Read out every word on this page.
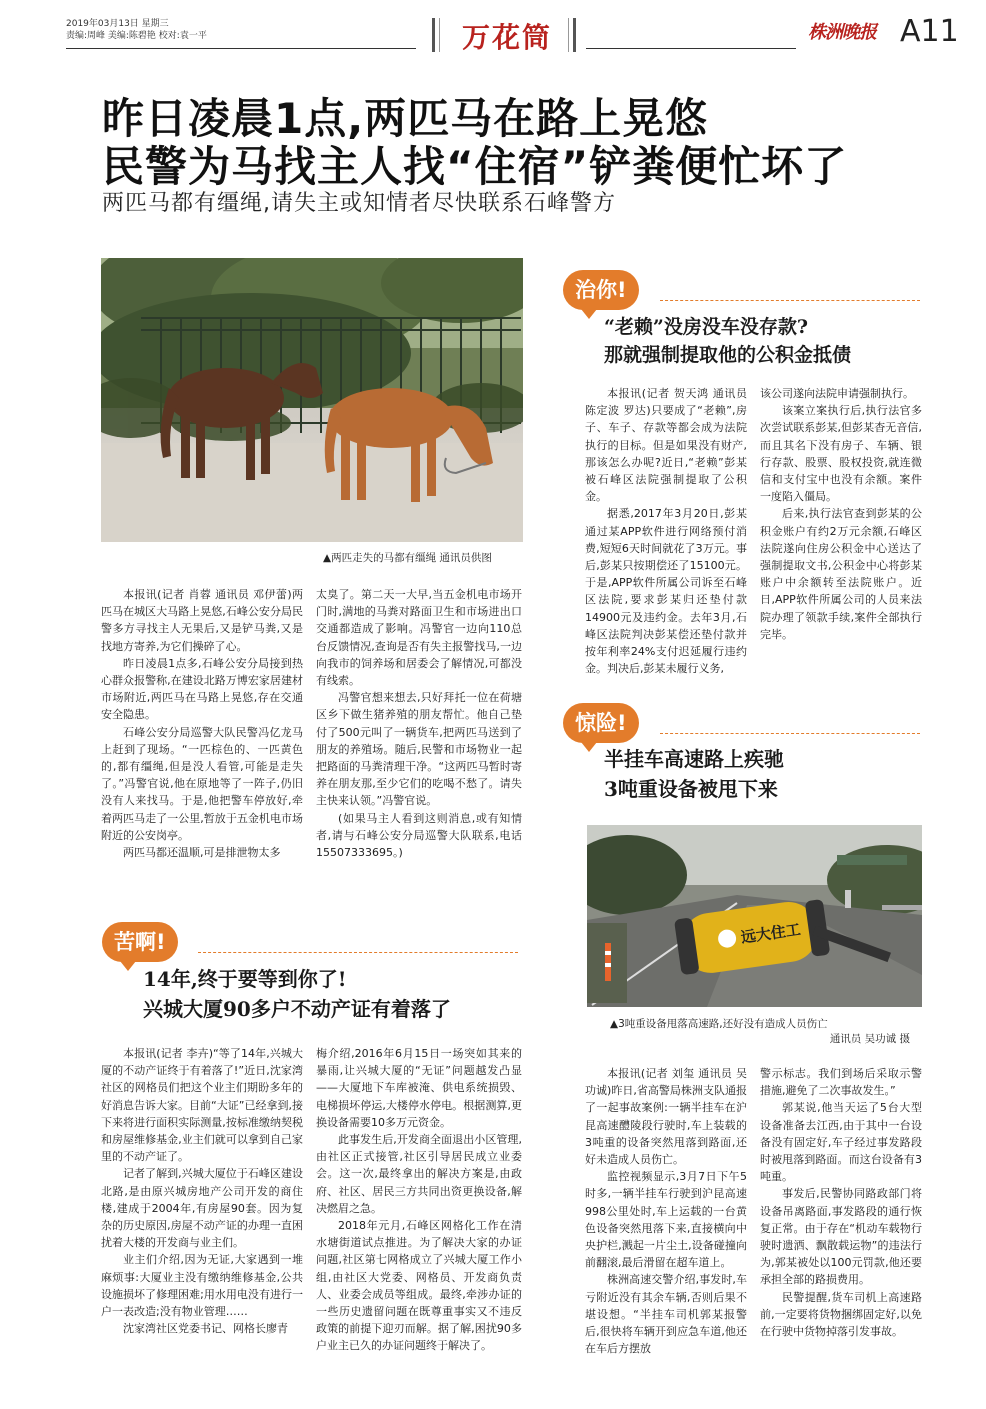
2019年03月13日 星期三
责编:周峰 美编:陈碧艳 校对:袁一平	万花筒	株洲晚报 A11
昨日凌晨1点,两匹马在路上晃悠
民警为马找主人找“住宿”铲粪便忙坏了
两匹马都有缰绳,请失主或知情者尽快联系石峰警方
▲两匹走失的马都有缰绳 通讯员供图

本报讯(记者 肖蓉 通讯员 邓伊蕾)两匹马在城区大马路上晃悠,石峰公安分局民警多方寻找主人无果后,又是铲马粪,又是找地方寄养,为它们操碎了心。

昨日凌晨1点多,石峰公安分局接到热心群众报警称,在建设北路万博宏家居建材市场附近,两匹马在马路上晃悠,存在交通安全隐患。

石峰公安分局巡警大队民警冯亿龙马上赶到了现场。“一匹棕色的、一匹黄色的,都有缰绳,但是没人看管,可能是走失了。”冯警官说,他在原地等了一阵子,仍旧没有人来找马。于是,他把警车停放好,牵着两匹马走了一公里,暂放于五金机电市场附近的公安岗亭。

两匹马都还温顺,可是排泄物太多

太臭了。第二天一大早,当五金机电市场开门时,满地的马粪对路面卫生和市场进出口交通都造成了影响。冯警官一边向110总台反馈情况,查询是否有失主报警找马,一边向我市的饲养场和居委会了解情况,可都没有线索。

冯警官想来想去,只好拜托一位在荷塘区乡下做生猪养殖的朋友帮忙。他自己垫付了500元叫了一辆货车,把两匹马送到了朋友的养殖场。随后,民警和市场物业一起把路面的马粪清理干净。“这两匹马暂时寄养在朋友那,至少它们的吃喝不愁了。请失主快来认领。”冯警官说。

(如果马主人看到这则消息,或有知情者,请与石峰公安分局巡警大队联系,电话15507333695。)

治你!
“老赖”没房没车没存款?
那就强制提取他的公积金抵债

本报讯(记者 贺天鸿 通讯员 陈定波 罗达)只要成了“老赖”,房子、车子、存款等都会成为法院执行的目标。但是如果没有财产,那该怎么办呢?近日,“老赖”彭某被石峰区法院强制提取了公积金。

据悉,2017年3月20日,彭某通过某APP软件进行网络预付消费,短短6天时间就花了3万元。事后,彭某只按期偿还了15100元。于是,APP软件所属公司诉至石峰区法院,要求彭某归还垫付款14900元及违约金。去年3月,石峰区法院判决彭某偿还垫付款并按年利率24%支付迟延履行违约金。判决后,彭某未履行义务,

该公司遂向法院申请强制执行。

该案立案执行后,执行法官多次尝试联系彭某,但彭某杳无音信,而且其名下没有房子、车辆、银行存款、股票、股权投资,就连微信和支付宝中也没有余额。案件一度陷入僵局。

后来,执行法官查到彭某的公积金账户有约2万元余额,石峰区法院遂向住房公积金中心送达了强制提取文书,公积金中心将彭某账户中余额转至法院账户。近日,APP软件所属公司的人员来法院办理了领款手续,案件全部执行完毕。

惊险!
半挂车高速路上疾驰
3吨重设备被甩下来
远大住工
▲3吨重设备甩落高速路,还好没有造成人员伤亡
通讯员 吴功诚 摄

本报讯(记者 刘玺 通讯员 吴功诚)昨日,省高警局株洲支队通报了一起事故案例:一辆半挂车在沪昆高速醴陵段行驶时,车上装载的3吨重的设备突然甩落到路面,还好未造成人员伤亡。

监控视频显示,3月7日下午5时多,一辆半挂车行驶到沪昆高速998公里处时,车上运载的一台黄色设备突然甩落下来,直接横向中央护栏,溅起一片尘土,设备碰撞向前翻滚,最后滑留在超车道上。

株洲高速交警介绍,事发时,车亏附近没有其余车辆,否则后果不堪设想。“半挂车司机郭某报警后,很快将车辆开到应急车道,他还在车后方摆放

警示标志。我们到场后采取示警措施,避免了二次事故发生。”

郭某说,他当天运了5台大型设备准备去江西,由于其中一台设备没有固定好,车子经过事发路段时被甩落到路面。而这台设备有3吨重。

事发后,民警协同路政部门将设备吊离路面,事发路段的通行恢复正常。由于存在“机动车载物行驶时遗洒、飘散载运物”的违法行为,郭某被处以100元罚款,他还要承担全部的路损费用。

民警提醒,货车司机上高速路前,一定要将货物捆绑固定好,以免在行驶中货物掉落引发事故。

苦啊!
14年,终于要等到你了!
兴城大厦90多户不动产证有着落了

本报讯(记者 李卉)“等了14年,兴城大厦的不动产证终于有着落了!”近日,沈家湾社区的网格员们把这个业主们期盼多年的好消息告诉大家。目前“大证”已经拿到,接下来将进行面积实际测量,按标准缴纳契税和房屋维修基金,业主们就可以拿到自己家里的不动产证了。

记者了解到,兴城大厦位于石峰区建设北路,是由原兴城房地产公司开发的商住楼,建成于2004年,有房屋90套。因为复杂的历史原因,房屋不动产证的办理一直困扰着大楼的开发商与业主们。

业主们介绍,因为无证,大家遇到一堆麻烦事:大厦业主没有缴纳维修基金,公共设施损坏了修理困难;用水用电没有进行一户一表改造;没有物业管理……

沈家湾社区党委书记、网格长廖青

梅介绍,2016年6月15日一场突如其来的暴雨,让兴城大厦的“无证”问题越发凸显——大厦地下车库被淹、供电系统损毁、电梯损坏停运,大楼停水停电。根据测算,更换设备需要10多万元资金。

此事发生后,开发商全面退出小区管理,由社区正式接管,社区引导居民成立业委会。这一次,最终拿出的解决方案是,由政府、社区、居民三方共同出资更换设备,解决燃眉之急。

2018年元月,石峰区网格化工作在清水塘街道试点推进。为了解决大家的办证问题,社区第七网格成立了兴城大厦工作小组,由社区大党委、网格员、开发商负责人、业委会成员等组成。最终,牵涉办证的一些历史遗留问题在既尊重事实又不违反政策的前提下迎刃而解。据了解,困扰90多户业主已久的办证问题终于解决了。
